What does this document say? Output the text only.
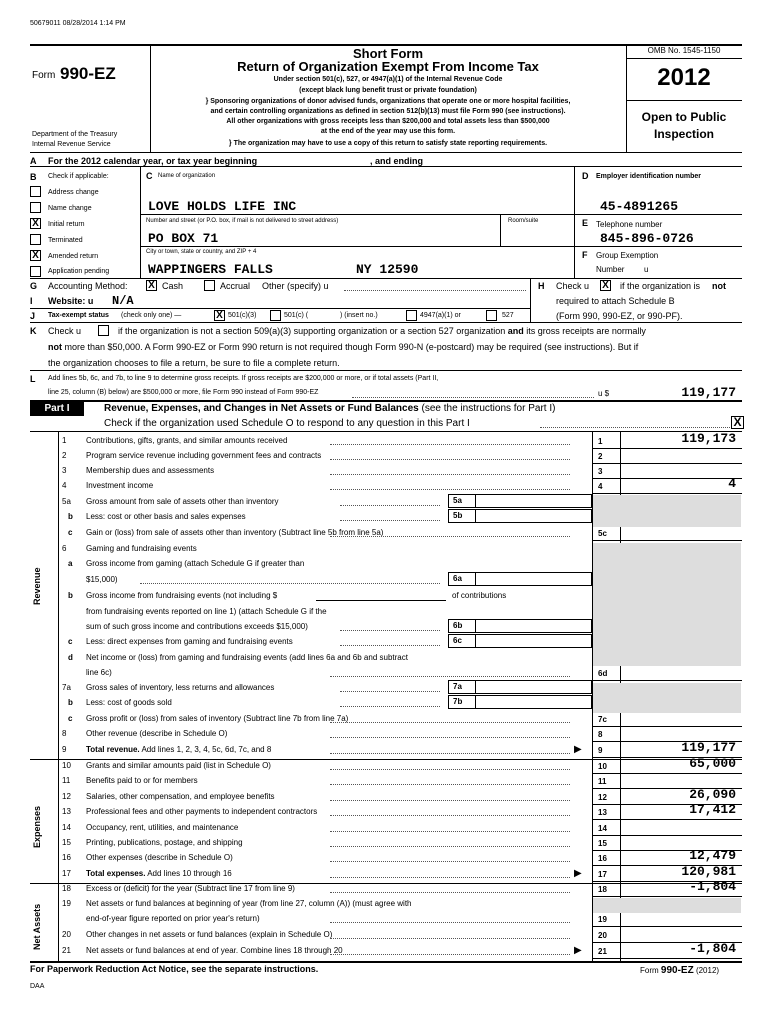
50679011 08/28/2014 1:14 PM
Form 990-EZ
Department of the Treasury
Internal Revenue Service
Short Form
Return of Organization Exempt From Income Tax
Under section 501(c), 527, or 4947(a)(1) of the Internal Revenue Code
(except black lung benefit trust or private foundation)
} Sponsoring organizations of donor advised funds, organizations that operate one or more hospital facilities,
and certain controlling organizations as defined in section 512(b)(13) must file Form 990 (see instructions).
All other organizations with gross receipts less than $200,000 and total assets less than $500,000
at the end of the year may use this form.
} The organization may have to use a copy of this return to satisfy state reporting requirements.
OMB No. 1545-1150
2012
Open to Public
Inspection
A For the 2012 calendar year, or tax year beginning	, and ending
B Check if applicable:
Address change
Name change
X	Initial return
Terminated
X	Amended return
Application pending
C Name of organization
LOVE HOLDS LIFE INC
Number and street (or P.O. box, if mail is not delivered to street address)	Room/suite
PO BOX 71
City or town, state or country, and ZIP + 4
WAPPINGERS FALLS	NY 12590
D Employer identification number
45-4891265
E Telephone number
845-896-0726
F Group Exemption
Number u
G Accounting Method: X Cash	Accrual Other (specify) u	H Check u X if the organization is not
required to attach Schedule B
(Form 990, 990-EZ, or 990-PF).
I Website: u N/A
J Tax-exempt status (check only one) —	X 501(c)(3)	501(c) (	) (insert no.)	4947(a)(1) or	527
K Check u	if the organization is not a section 509(a)(3) supporting organization or a section 527 organization and its gross receipts are normally
not more than $50,000. A Form 990-EZ or Form 990 return is not required though Form 990-N (e-postcard) may be required (see instructions). But if
the organization chooses to file a return, be sure to file a complete return.
L Add lines 5b, 6c, and 7b, to line 9 to determine gross receipts. If gross receipts are $200,000 or more, or if total assets (Part II,
line 25, column (B) below) are $500,000 or more, file Form 990 instead of Form 990-EZ	u $	119,177
Part I	Revenue, Expenses, and Changes in Net Assets or Fund Balances (see the instructions for Part I)
Check if the organization used Schedule O to respond to any question in this Part I	X
Revenue
Expenses
Net Assets
1 Contributions, gifts, grants, and similar amounts received	1	119,173
2 Program service revenue including government fees and contracts	2
3 Membership dues and assessments	3
4 Investment income	4	4
5a Gross amount from sale of assets other than inventory	5a
b Less: cost or other basis and sales expenses	5b
c Gain or (loss) from sale of assets other than inventory (Subtract line 5b from line 5a)	5c
6 Gaming and fundraising events
a Gross income from gaming (attach Schedule G if greater than
$15,000)	6a
b Gross income from fundraising events (not including $	of contributions
from fundraising events reported on line 1) (attach Schedule G if the
sum of such gross income and contributions exceeds $15,000)	6b
c Less: direct expenses from gaming and fundraising events	6c
d Net income or (loss) from gaming and fundraising events (add lines 6a and 6b and subtract
line 6c)	6d
7a Gross sales of inventory, less returns and allowances	7a
b Less: cost of goods sold	7b
c Gross profit or (loss) from sales of inventory (Subtract line 7b from line 7a)	7c
8 Other revenue (describe in Schedule O)	8
9 Total revenue. Add lines 1, 2, 3, 4, 5c, 6d, 7c, and 8	▶ 9	119,177
10 Grants and similar amounts paid (list in Schedule O)	10	65,000
11 Benefits paid to or for members	11
12 Salaries, other compensation, and employee benefits	12	26,090
13 Professional fees and other payments to independent contractors	13	17,412
14 Occupancy, rent, utilities, and maintenance	14
15 Printing, publications, postage, and shipping	15
16 Other expenses (describe in Schedule O)	16	12,479
17 Total expenses. Add lines 10 through 16	▶ 17	120,981
18 Excess or (deficit) for the year (Subtract line 17 from line 9)	18	-1,804
19 Net assets or fund balances at beginning of year (from line 27, column (A)) (must agree with
end-of-year figure reported on prior year's return)	19
20 Other changes in net assets or fund balances (explain in Schedule O)	20
21 Net assets or fund balances at end of year. Combine lines 18 through 20	▶ 21	-1,804
For Paperwork Reduction Act Notice, see the separate instructions.	Form 990-EZ (2012)
DAA
